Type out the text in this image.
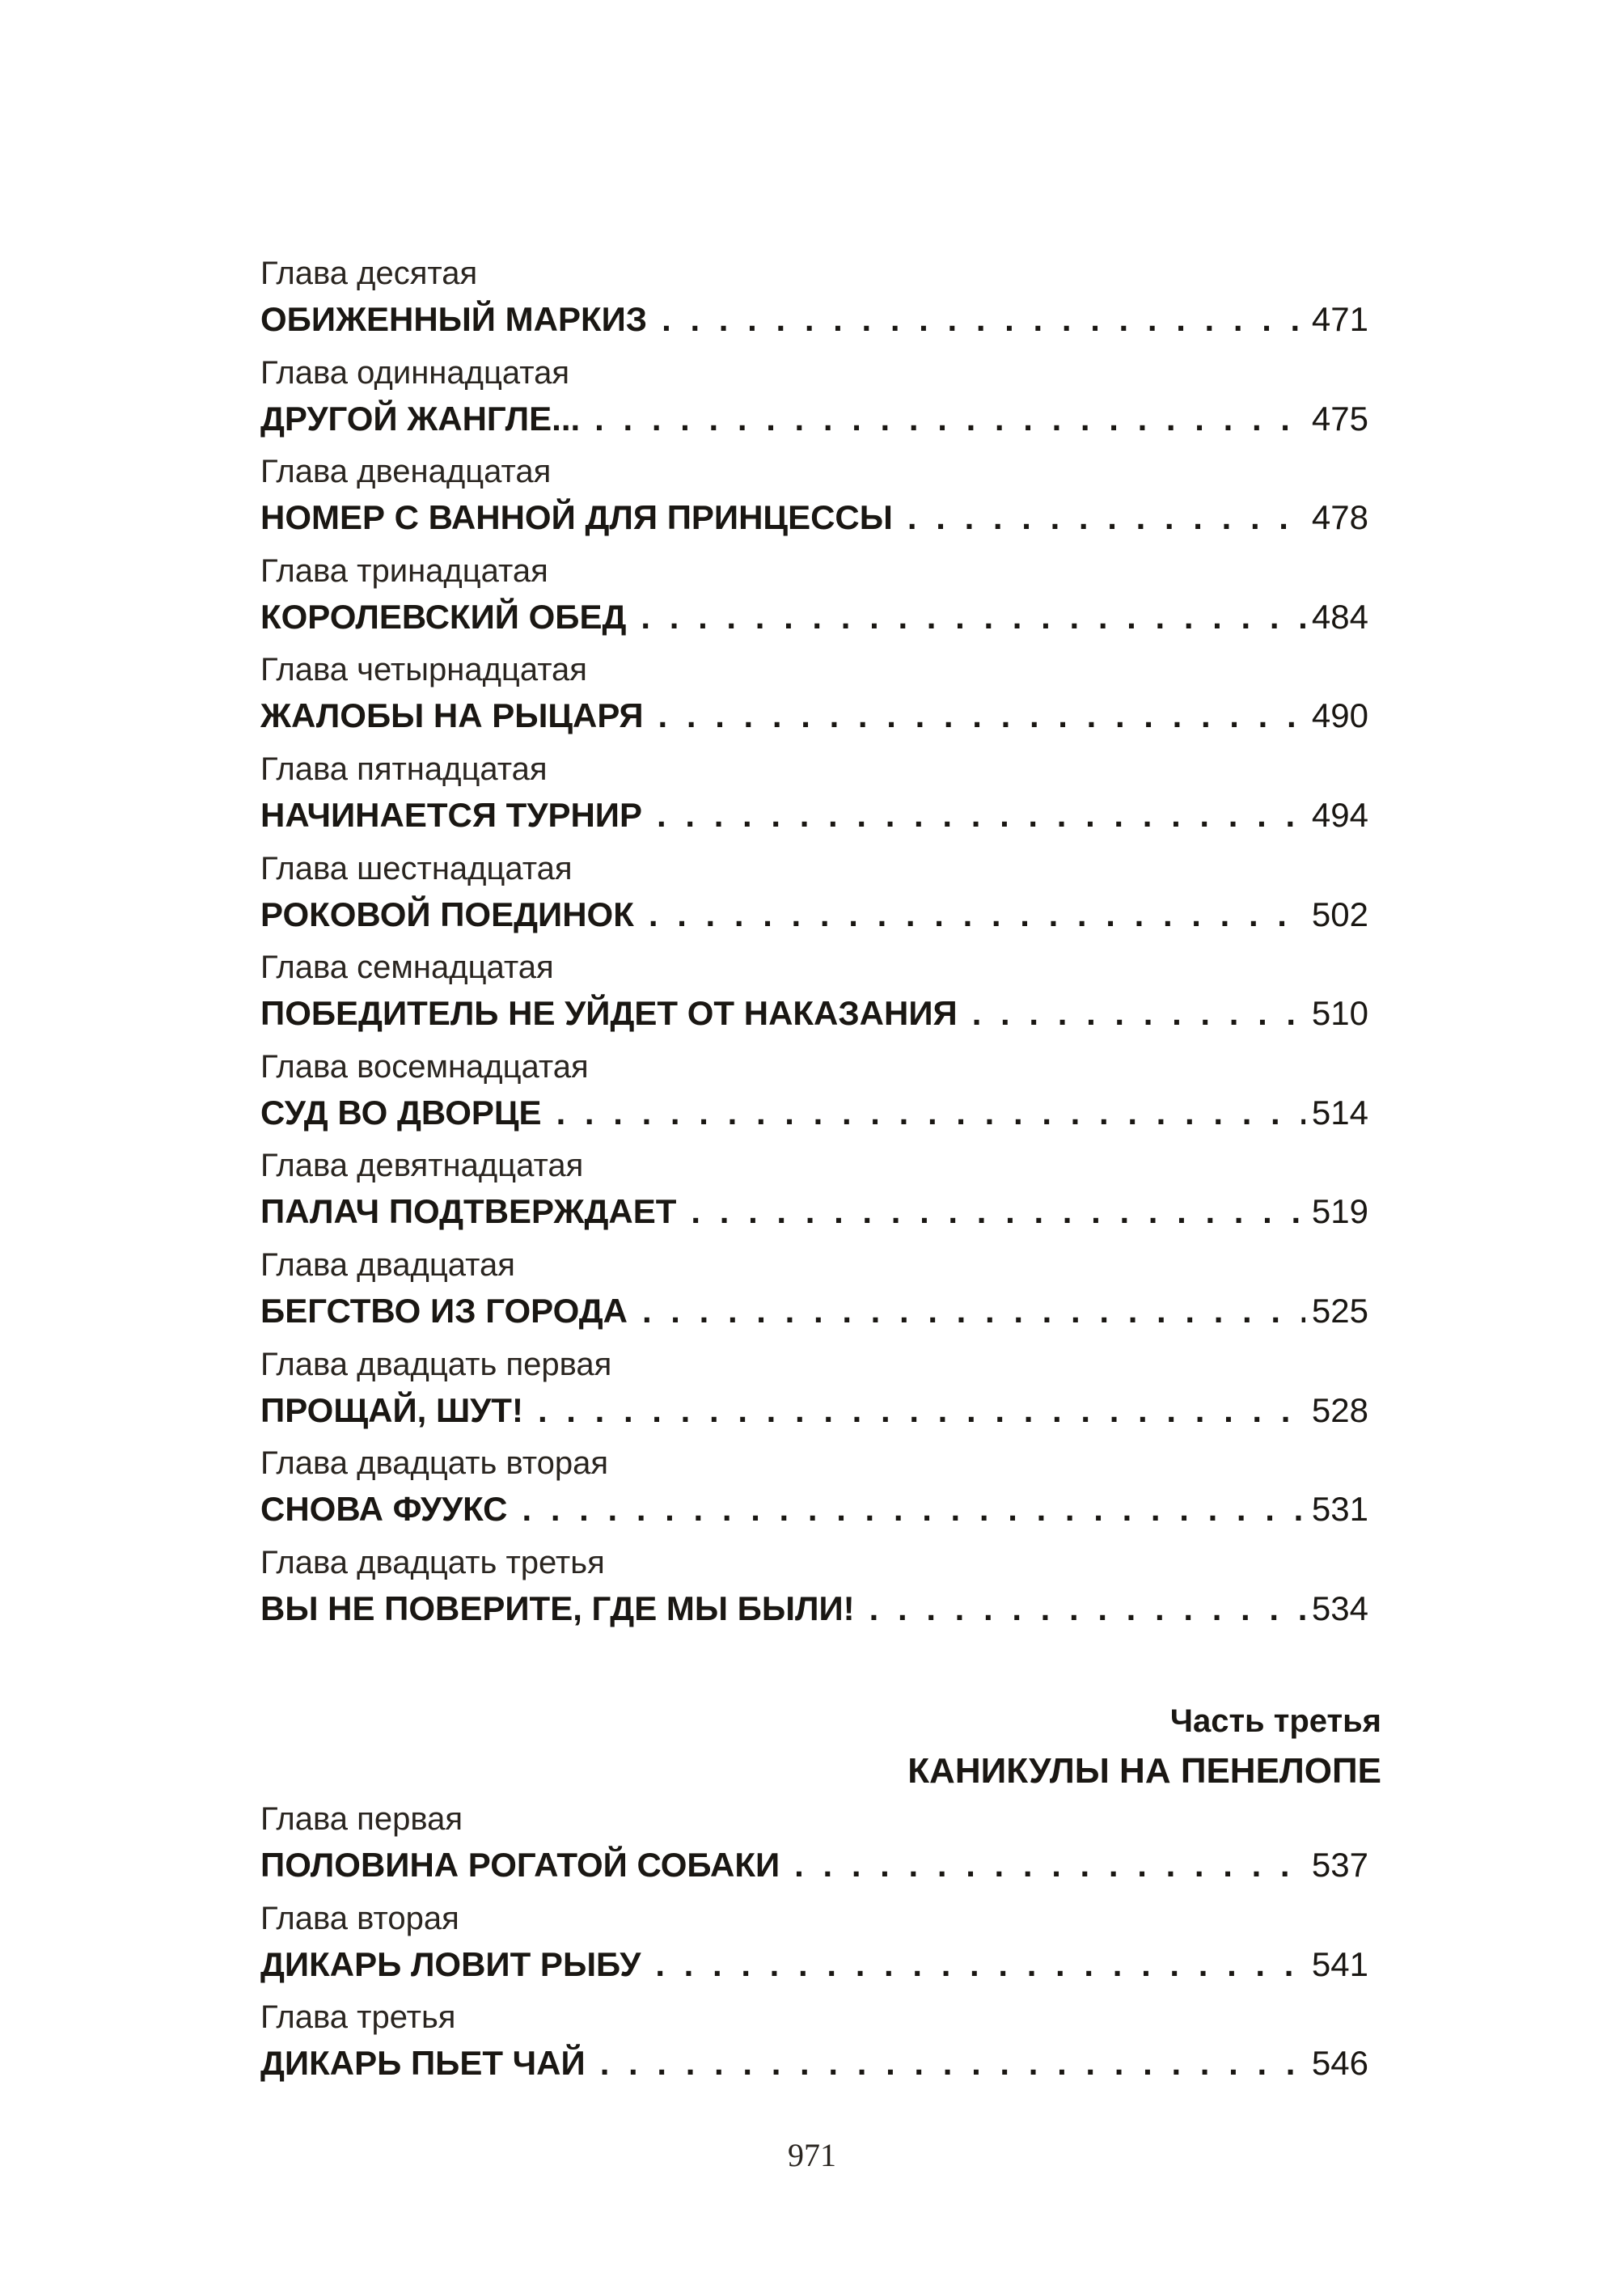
Глава десятая
ОБИЖЕННЫЙ МАРКИЗ . . .	471
Глава одиннадцатая
ДРУГОЙ ЖАНГЛЕ... . . .	475
Глава двенадцатая
НОМЕР С ВАННОЙ ДЛЯ ПРИНЦЕССЫ . . .	478
Глава тринадцатая
КОРОЛЕВСКИЙ ОБЕД . . .	484
Глава четырнадцатая
ЖАЛОБЫ НА РЫЦАРЯ . . .	490
Глава пятнадцатая
НАЧИНАЕТСЯ ТУРНИР . . .	494
Глава шестнадцатая
РОКОВОЙ ПОЕДИНОК . . .	502
Глава семнадцатая
ПОБЕДИТЕЛЬ НЕ УЙДЕТ ОТ НАКАЗАНИЯ . . .	510
Глава восемнадцатая
СУД ВО ДВОРЦЕ . . .	514
Глава девятнадцатая
ПАЛАЧ ПОДТВЕРЖДАЕТ . . .	519
Глава двадцатая
БЕГСТВО ИЗ ГОРОДА . . .	525
Глава двадцать первая
ПРОЩАЙ, ШУТ! . . .	528
Глава двадцать вторая
СНОВА ФУУКС . . .	531
Глава двадцать третья
ВЫ НЕ ПОВЕРИТЕ, ГДЕ МЫ БЫЛИ! . . .	534
Часть третья
КАНИКУЛЫ НА ПЕНЕЛОПЕ
Глава первая
ПОЛОВИНА РОГАТОЙ СОБАКИ . . .	537
Глава вторая
ДИКАРЬ ЛОВИТ РЫБУ . . .	541
Глава третья
ДИКАРЬ ПЬЕТ ЧАЙ . . .	546
971
